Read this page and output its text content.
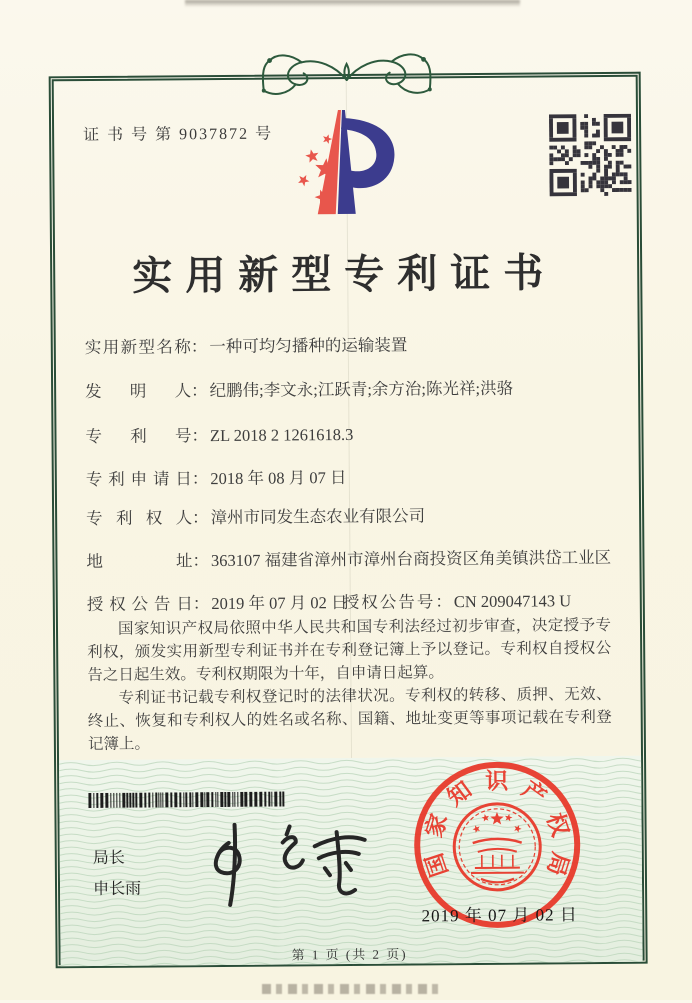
证 书 号 第 9037872 号
实用新型专利证书
实用新型名称： 一种可均匀播种的运输装置
发明人： 纪鹏伟;李文永;江跃青;余方治;陈光祥;洪骆
专利号： ZL 2018 2 1261618.3
专利申请日： 2018 年 08 月 07 日
专利权人： 漳州市同发生态农业有限公司
地址： 363107 福建省漳州市漳州台商投资区角美镇洪岱工业区
授权公告日： 2019 年 07 月 02 日
授权公告号： CN 209047143 U

国家知识产权局依照中华人民共和国专利法经过初步审查，决定授予专利权，颁发实用新型专利证书并在专利登记簿上予以登记。专利权自授权公告之日起生效。专利权期限为十年，自申请日起算。

专利证书记载专利权登记时的法律状况。专利权的转移、质押、无效、终止、恢复和专利权人的姓名或名称、国籍、地址变更等事项记载在专利登记簿上。

局长
申长雨
国
家
知 识 产
权
局
2019 年 07 月 02 日
第 1 页 (共 2 页)
